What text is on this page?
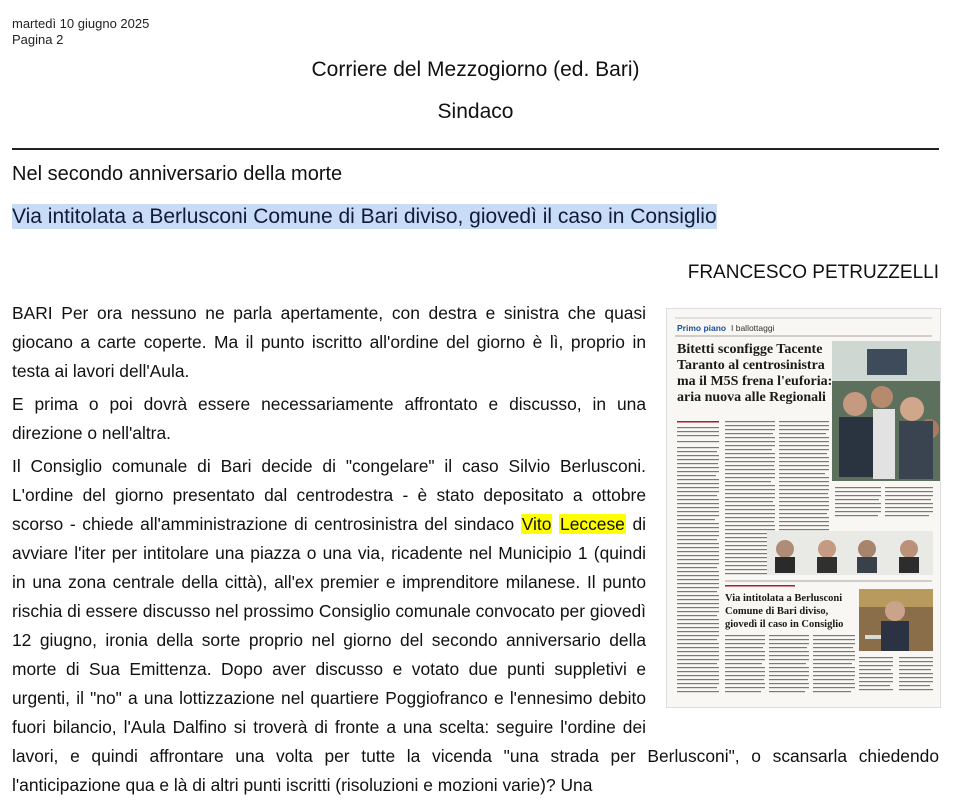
martedì 10 giugno 2025
Pagina 2
Corriere del Mezzogiorno (ed. Bari)
Sindaco
Nel secondo anniversario della morte
Via intitolata a Berlusconi Comune di Bari diviso, giovedì il caso in Consiglio
FRANCESCO PETRUZZELLI
Primo piano I ballottaggi
Bitetti sconfigge Tacente
Taranto al centrosinistra
ma il M5S frena l'euforia:
aria nuova alle Regionali
Via intitolata a Berlusconi
Comune di Bari diviso,
giovedì il caso in Consiglio

BARI Per ora nessuno ne parla apertamente, con destra e sinistra che quasi giocano a carte coperte. Ma il punto iscritto all'ordine del giorno è lì, proprio in testa ai lavori dell'Aula.

E prima o poi dovrà essere necessariamente affrontato e discusso, in una direzione o nell'altra.

Il Consiglio comunale di Bari decide di "congelare" il caso Silvio Berlusconi. L'ordine del giorno presentato dal centrodestra - è stato depositato a ottobre scorso - chiede all'amministrazione di centrosinistra del sindaco Vito Leccese di avviare l'iter per intitolare una piazza o una via, ricadente nel Municipio 1 (quindi in una zona centrale della città), all'ex premier e imprenditore milanese. Il punto rischia di essere discusso nel prossimo Consiglio comunale convocato per giovedì 12 giugno, ironia della sorte proprio nel giorno del secondo anniversario della morte di Sua Emittenza. Dopo aver discusso e votato due punti suppletivi e urgenti, il "no" a una lottizzazione nel quartiere Poggiofranco e l'ennesimo debito fuori bilancio, l'Aula Dalfino si troverà di fronte a una scelta: seguire l'ordine dei lavori, e quindi affrontare una volta per tutte la vicenda "una strada per Berlusconi", o scansarla chiedendo l'anticipazione qua e là di altri punti iscritti (risoluzioni e mozioni varie)? Una
